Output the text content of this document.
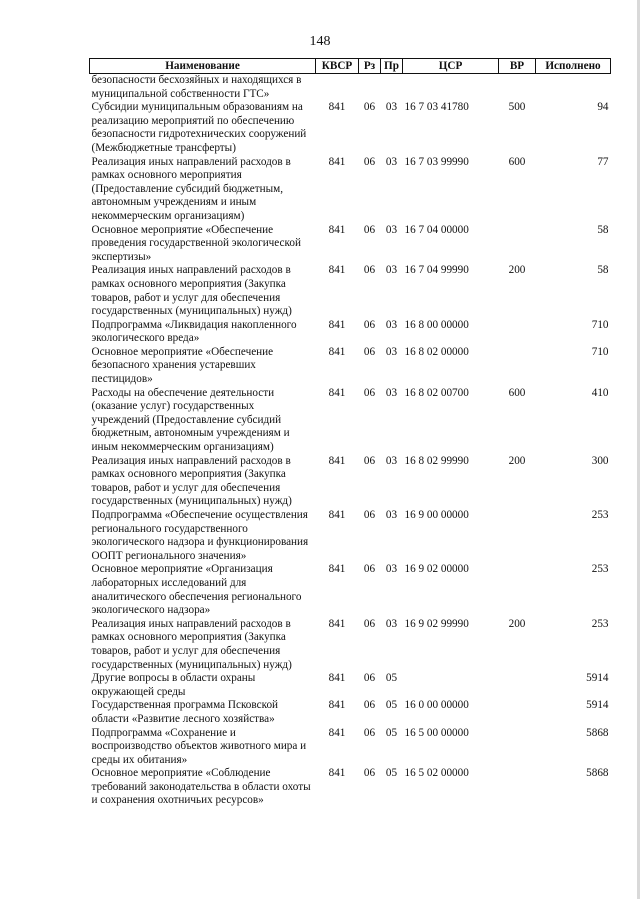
148
Наименование	КВСР	Рз	Пр	ЦСР	ВР	Исполнено
безопасности бесхозяйных и находящихся в муниципальной собственности ГТС»						
Субсидии муниципальным образованиям на реализацию мероприятий по обеспечению безопасности гидротехнических сооружений (Межбюджетные трансферты)	841	06	03	16 7 03 41780	500	94
Реализация иных направлений расходов в рамках основного мероприятия (Предоставление субсидий бюджетным, автономным учреждениям и иным некоммерческим организациям)	841	06	03	16 7 03 99990	600	77
Основное мероприятие «Обеспечение проведения государственной экологической экспертизы»	841	06	03	16 7 04 00000		58
Реализация иных направлений расходов в рамках основного мероприятия (Закупка товаров, работ и услуг для обеспечения государственных (муниципальных) нужд)	841	06	03	16 7 04 99990	200	58
Подпрограмма «Ликвидация накопленного экологического вреда»	841	06	03	16 8 00 00000		710
Основное мероприятие «Обеспечение безопасного хранения устаревших пестицидов»	841	06	03	16 8 02 00000		710
Расходы на обеспечение деятельности (оказание услуг) государственных учреждений (Предоставление субсидий бюджетным, автономным учреждениям и иным некоммерческим организациям)	841	06	03	16 8 02 00700	600	410
Реализация иных направлений расходов в рамках основного мероприятия (Закупка товаров, работ и услуг для обеспечения государственных (муниципальных) нужд)	841	06	03	16 8 02 99990	200	300
Подпрограмма «Обеспечение осуществления регионального государственного экологического надзора и функционирования ООПТ регионального значения»	841	06	03	16 9 00 00000		253
Основное мероприятие «Организация лабораторных исследований для аналитического обеспечения регионального экологического надзора»	841	06	03	16 9 02 00000		253
Реализация иных направлений расходов в рамках основного мероприятия (Закупка товаров, работ и услуг для обеспечения государственных (муниципальных) нужд)	841	06	03	16 9 02 99990	200	253
Другие вопросы в области охраны окружающей среды	841	06	05			5914
Государственная программа Псковской области «Развитие лесного хозяйства»	841	06	05	16 0 00 00000		5914
Подпрограмма «Сохранение и воспроизводство объектов животного мира и среды их обитания»	841	06	05	16 5 00 00000		5868
Основное мероприятие «Соблюдение требований законодательства в области охоты и сохранения охотничьих ресурсов»	841	06	05	16 5 02 00000		5868
